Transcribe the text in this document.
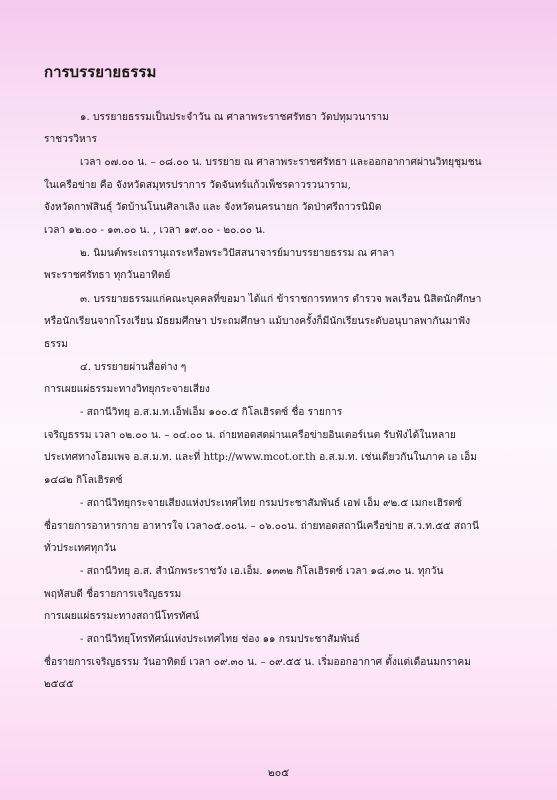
การบรรยายธรรม
๑. บรรยายธรรมเป็นประจำวัน ณ ศาลาพระราชศรัทธา วัดปทุมวนาราม
ราชวรวิหาร
เวลา ๐๗.๐๐ น. – ๐๘.๐๐ น. บรรยาย ณ ศาลาพระราชศรัทธา และออกอากาศผ่านวิทยุชุมชน
ในเครือข่าย คือ จังหวัดสมุทรปราการ วัดจันทร์แก้วเพ็ชรดาวรวนาราม,
จังหวัดกาฬสินธุ์ วัดบ้านโนนศิลาเลิง และ จังหวัดนครนายก วัดป่าศรีถาวรนิมิต
เวลา ๑๒.๐๐ - ๑๓.๐๐ น. , เวลา ๑๙.๐๐ - ๒๐.๐๐ น.
๒. นิมนต์พระเถรานุเถระหรือพระวิปัสสนาจารย์มาบรรยายธรรม ณ ศาลา
พระราชศรัทธา ทุกวันอาทิตย์
๓. บรรยายธรรมแก่คณะบุคคลที่ขอมา ได้แก่ ข้าราชการทหาร ตำรวจ พลเรือน นิสิตนักศึกษา
หรือนักเรียนจากโรงเรียน มัธยมศึกษา ประถมศึกษา แม้บางครั้งก็มีนักเรียนระดับอนุบาลพากันมาฟัง
ธรรม
๔. บรรยายผ่านสื่อต่าง ๆ
การเผยแผ่ธรรมะทางวิทยุกระจายเสียง
- สถานีวิทยุ อ.ส.ม.ท.เอ็ฟเอ็ม ๑๐๐.๕ กิโลเฮิรตซ์ ชื่อ รายการ
เจริญธรรม เวลา ๐๒.๐๐ น. – ๐๔.๐๐ น. ถ่ายทอดสดผ่านเครือข่ายอินเตอร์เนต รับฟังได้ในหลาย
ประเทศทางโฮมเพจ อ.ส.ม.ท. และที่ http://www.mcot.or.th อ.ส.ม.ท. เช่นเดียวกันในภาค เอ เอ็ม
๑๔๘๒ กิโลเฮิรตซ์
- สถานีวิทยุกระจายเสียงแห่งประเทศไทย กรมประชาสัมพันธ์ เอฟ เอ็ม ๙๒.๕ เมกะเฮิรตซ์
ชื่อรายการอาหารกาย อาหารใจ เวลา๐๕.๐๐น. – ๐๖.๐๐น. ถ่ายทอดสถานีเครือข่าย ส.ว.ท.๕๕ สถานี
ทั่วประเทศทุกวัน
- สถานีวิทยุ อ.ส. สำนักพระราชวัง เอ.เอ็ม. ๑๓๓๒ กิโลเฮิรตซ์ เวลา ๑๘.๓๐ น. ทุกวัน
พฤหัสบดี ชื่อรายการเจริญธรรม
การเผยแผ่ธรรมะทางสถานีโทรทัศน์
- สถานีวิทยุโทรทัศน์แห่งประเทศไทย ช่อง ๑๑ กรมประชาสัมพันธ์
ชื่อรายการเจริญธรรม วันอาทิตย์ เวลา ๐๙.๓๐ น. – ๐๙.๕๕ น. เริ่มออกอากาศ ตั้งแต่เดือนมกราคม
๒๕๔๕
๒๐๕
